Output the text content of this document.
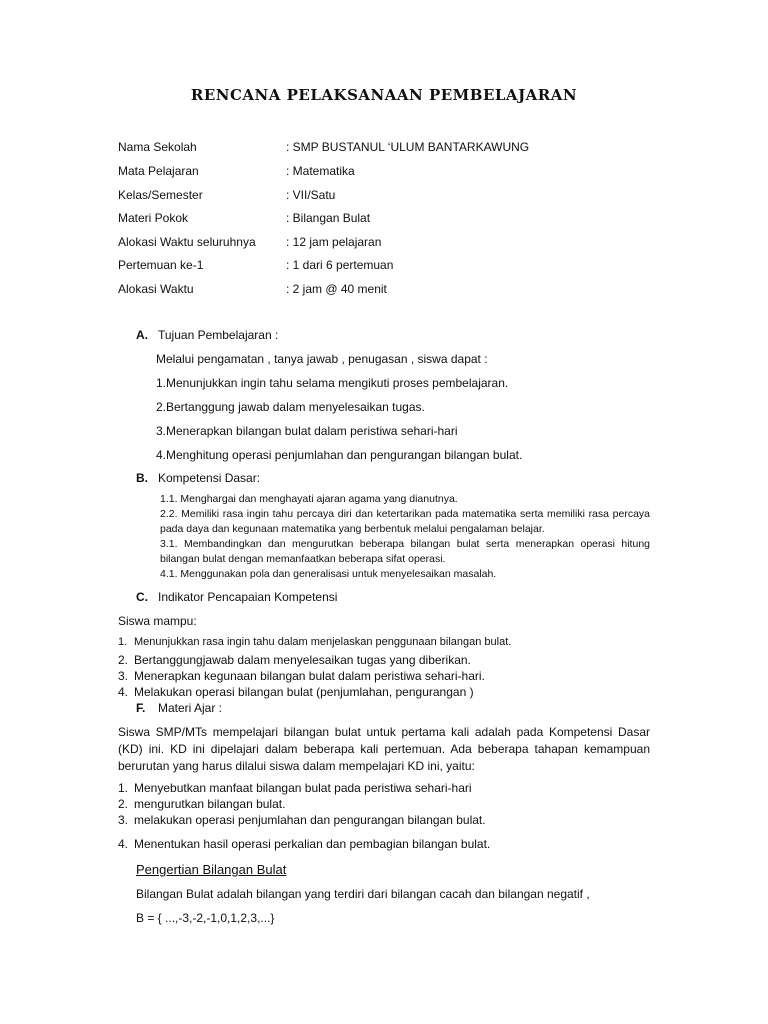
RENCANA PELAKSANAAN PEMBELAJARAN
Nama Sekolah	: SMP BUSTANUL ‘ULUM BANTARKAWUNG
Mata Pelajaran	: Matematika
Kelas/Semester	: VII/Satu
Materi Pokok	: Bilangan Bulat
Alokasi Waktu seluruhnya	: 12 jam pelajaran
Pertemuan ke-1	: 1 dari 6 pertemuan
Alokasi Waktu	: 2 jam @ 40 menit
A. Tujuan Pembelajaran :
Melalui pengamatan , tanya jawab , penugasan , siswa dapat :
1.Menunjukkan ingin tahu selama mengikuti proses pembelajaran.
2.Bertanggung jawab dalam menyelesaikan tugas.
3.Menerapkan bilangan bulat dalam peristiwa sehari-hari
4.Menghitung operasi penjumlahan dan pengurangan bilangan bulat.
B. Kompetensi Dasar:

1.1. Menghargai dan menghayati ajaran agama yang dianutnya.

2.2. Memiliki rasa ingin tahu percaya diri dan ketertarikan pada matematika serta memiliki rasa percaya pada daya dan kegunaan matematika yang berbentuk melalui pengalaman belajar.

3.1. Membandingkan dan mengurutkan beberapa bilangan bulat serta menerapkan operasi hitung bilangan bulat dengan memanfaatkan beberapa sifat operasi.

4.1. Menggunakan pola dan generalisasi untuk menyelesaikan masalah.

C. Indikator Pencapaian Kompetensi
Siswa mampu:
1. Menunjukkan rasa ingin tahu dalam menjelaskan penggunaan bilangan bulat.
2. Bertanggungjawab dalam menyelesaikan tugas yang diberikan.
3. Menerapkan kegunaan bilangan bulat dalam peristiwa sehari-hari.
4. Melakukan operasi bilangan bulat (penjumlahan, pengurangan )
F. Materi Ajar :

Siswa SMP/MTs mempelajari bilangan bulat untuk pertama kali adalah pada Kompetensi Dasar (KD) ini. KD ini dipelajari dalam beberapa kali pertemuan. Ada beberapa tahapan kemampuan berurutan yang harus dilalui siswa dalam mempelajari KD ini, yaitu:

1. Menyebutkan manfaat bilangan bulat pada peristiwa sehari-hari
2. mengurutkan bilangan bulat.
3. melakukan operasi penjumlahan dan pengurangan bilangan bulat.
4. Menentukan hasil operasi perkalian dan pembagian bilangan bulat.
Pengertian Bilangan Bulat
Bilangan Bulat adalah bilangan yang terdiri dari bilangan cacah dan bilangan negatif ,
B = { ...,-3,-2,-1,0,1,2,3,...}
